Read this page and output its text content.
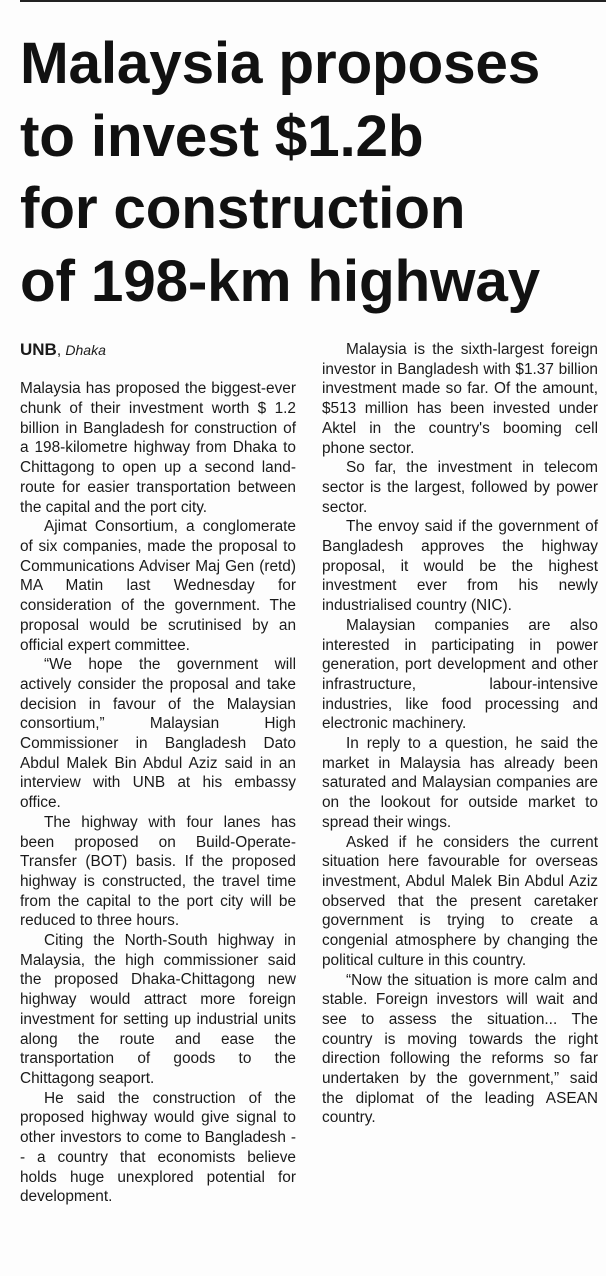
Malaysia proposes
to invest $1.2b
for construction
of 198-km highway
UNB, Dhaka

Malaysia has proposed the biggest-ever chunk of their investment worth $ 1.2 billion in Bangladesh for construction of a 198-kilometre highway from Dhaka to Chittagong to open up a second land-route for easier transportation between the capital and the port city.

Ajimat Consortium, a conglomerate of six companies, made the proposal to Communications Adviser Maj Gen (retd) MA Matin last Wednesday for consideration of the government. The proposal would be scrutinised by an official expert committee.

“We hope the government will actively consider the proposal and take decision in favour of the Malaysian consortium,” Malaysian High Commissioner in Bangladesh Dato Abdul Malek Bin Abdul Aziz said in an interview with UNB at his embassy office.

The highway with four lanes has been proposed on Build-Operate-Transfer (BOT) basis. If the proposed highway is constructed, the travel time from the capital to the port city will be reduced to three hours.

Citing the North-South highway in Malaysia, the high commissioner said the proposed Dhaka-Chittagong new highway would attract more foreign investment for setting up industrial units along the route and ease the transportation of goods to the Chittagong seaport.

He said the construction of the proposed highway would give signal to other investors to come to Bangladesh -- a country that economists believe holds huge unexplored potential for development.

Malaysia is the sixth-largest foreign investor in Bangladesh with $1.37 billion investment made so far. Of the amount, $513 million has been invested under Aktel in the country's booming cell phone sector.

So far, the investment in telecom sector is the largest, followed by power sector.

The envoy said if the government of Bangladesh approves the highway proposal, it would be the highest investment ever from his newly industrialised country (NIC).

Malaysian companies are also interested in participating in power generation, port development and other infrastructure, labour-intensive industries, like food processing and electronic machinery.

In reply to a question, he said the market in Malaysia has already been saturated and Malaysian companies are on the lookout for outside market to spread their wings.

Asked if he considers the current situation here favourable for overseas investment, Abdul Malek Bin Abdul Aziz observed that the present caretaker government is trying to create a congenial atmosphere by changing the political culture in this country.

“Now the situation is more calm and stable. Foreign investors will wait and see to assess the situation... The country is moving towards the right direction following the reforms so far undertaken by the government,” said the diplomat of the leading ASEAN country.
